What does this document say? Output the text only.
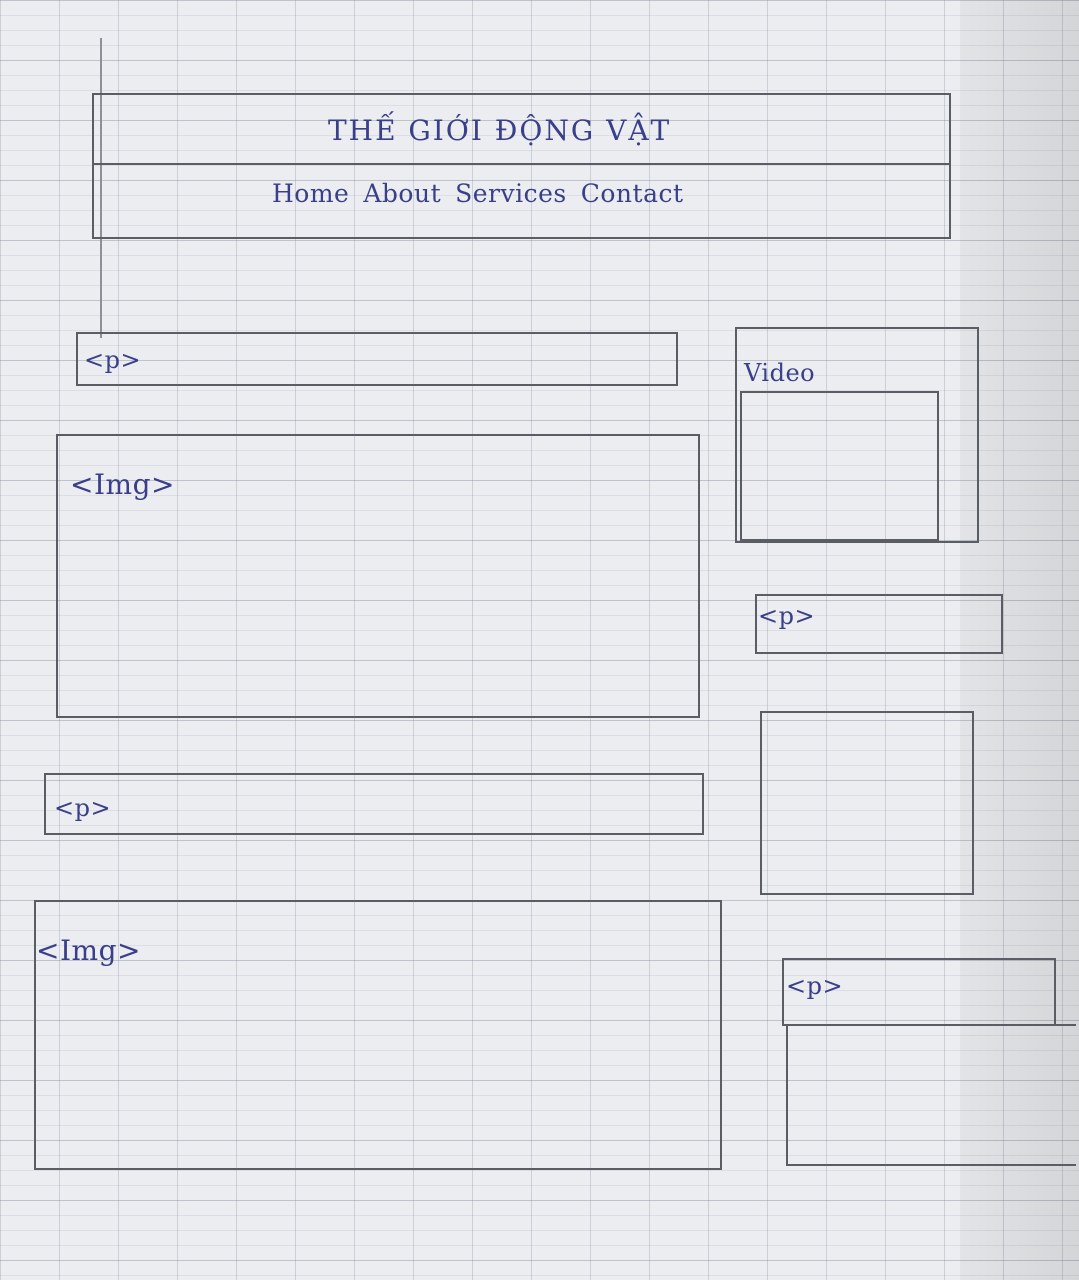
THẾ GIỚI ĐỘNG VẬT
Home About Services Contact
<p>
<Img>
<p>
<Img>
Video
<p>
<p>
